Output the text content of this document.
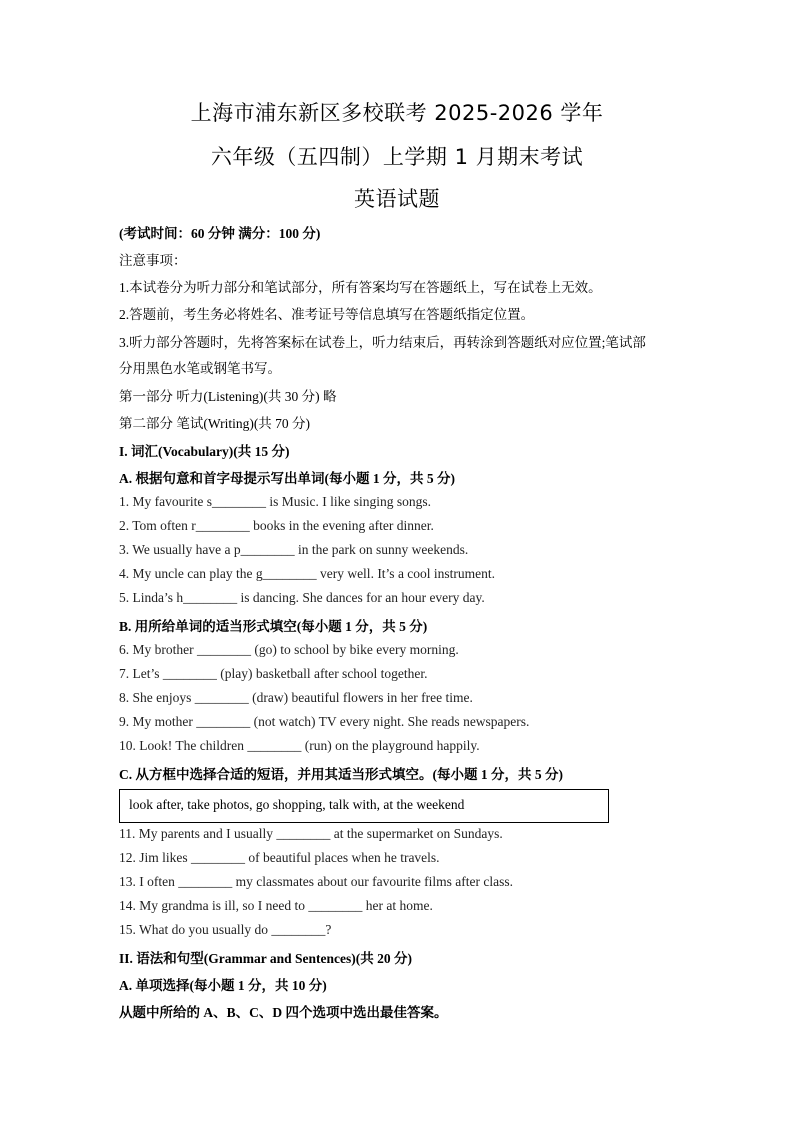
上海市浦东新区多校联考 2025-2026 学年
六年级（五四制）上学期 1 月期末考试
英语试题
(考试时间：60 分钟 满分：100 分)
注意事项：
1.本试卷分为听力部分和笔试部分，所有答案均写在答题纸上，写在试卷上无效。
2.答题前，考生务必将姓名、准考证号等信息填写在答题纸指定位置。
3.听力部分答题时，先将答案标在试卷上，听力结束后，再转涂到答题纸对应位置;笔试部
分用黑色水笔或钢笔书写。
第一部分 听力(Listening)(共 30 分) 略
第二部分 笔试(Writing)(共 70 分)
I. 词汇(Vocabulary)(共 15 分)
A. 根据句意和首字母提示写出单词(每小题 1 分，共 5 分)
1. My favourite s________ is Music. I like singing songs.
2. Tom often r________ books in the evening after dinner.
3. We usually have a p________ in the park on sunny weekends.
4. My uncle can play the g________ very well. It’s a cool instrument.
5. Linda’s h________ is dancing. She dances for an hour every day.
B. 用所给单词的适当形式填空(每小题 1 分，共 5 分)
6. My brother ________ (go) to school by bike every morning.
7. Let’s ________ (play) basketball after school together.
8. She enjoys ________ (draw) beautiful flowers in her free time.
9. My mother ________ (not watch) TV every night. She reads newspapers.
10. Look! The children ________ (run) on the playground happily.
C. 从方框中选择合适的短语，并用其适当形式填空。(每小题 1 分，共 5 分)
look after, take photos, go shopping, talk with, at the weekend
11. My parents and I usually ________ at the supermarket on Sundays.
12. Jim likes ________ of beautiful places when he travels.
13. I often ________ my classmates about our favourite films after class.
14. My grandma is ill, so I need to ________ her at home.
15. What do you usually do ________?
II. 语法和句型(Grammar and Sentences)(共 20 分)
A. 单项选择(每小题 1 分，共 10 分)
从题中所给的 A、B、C、D 四个选项中选出最佳答案。
